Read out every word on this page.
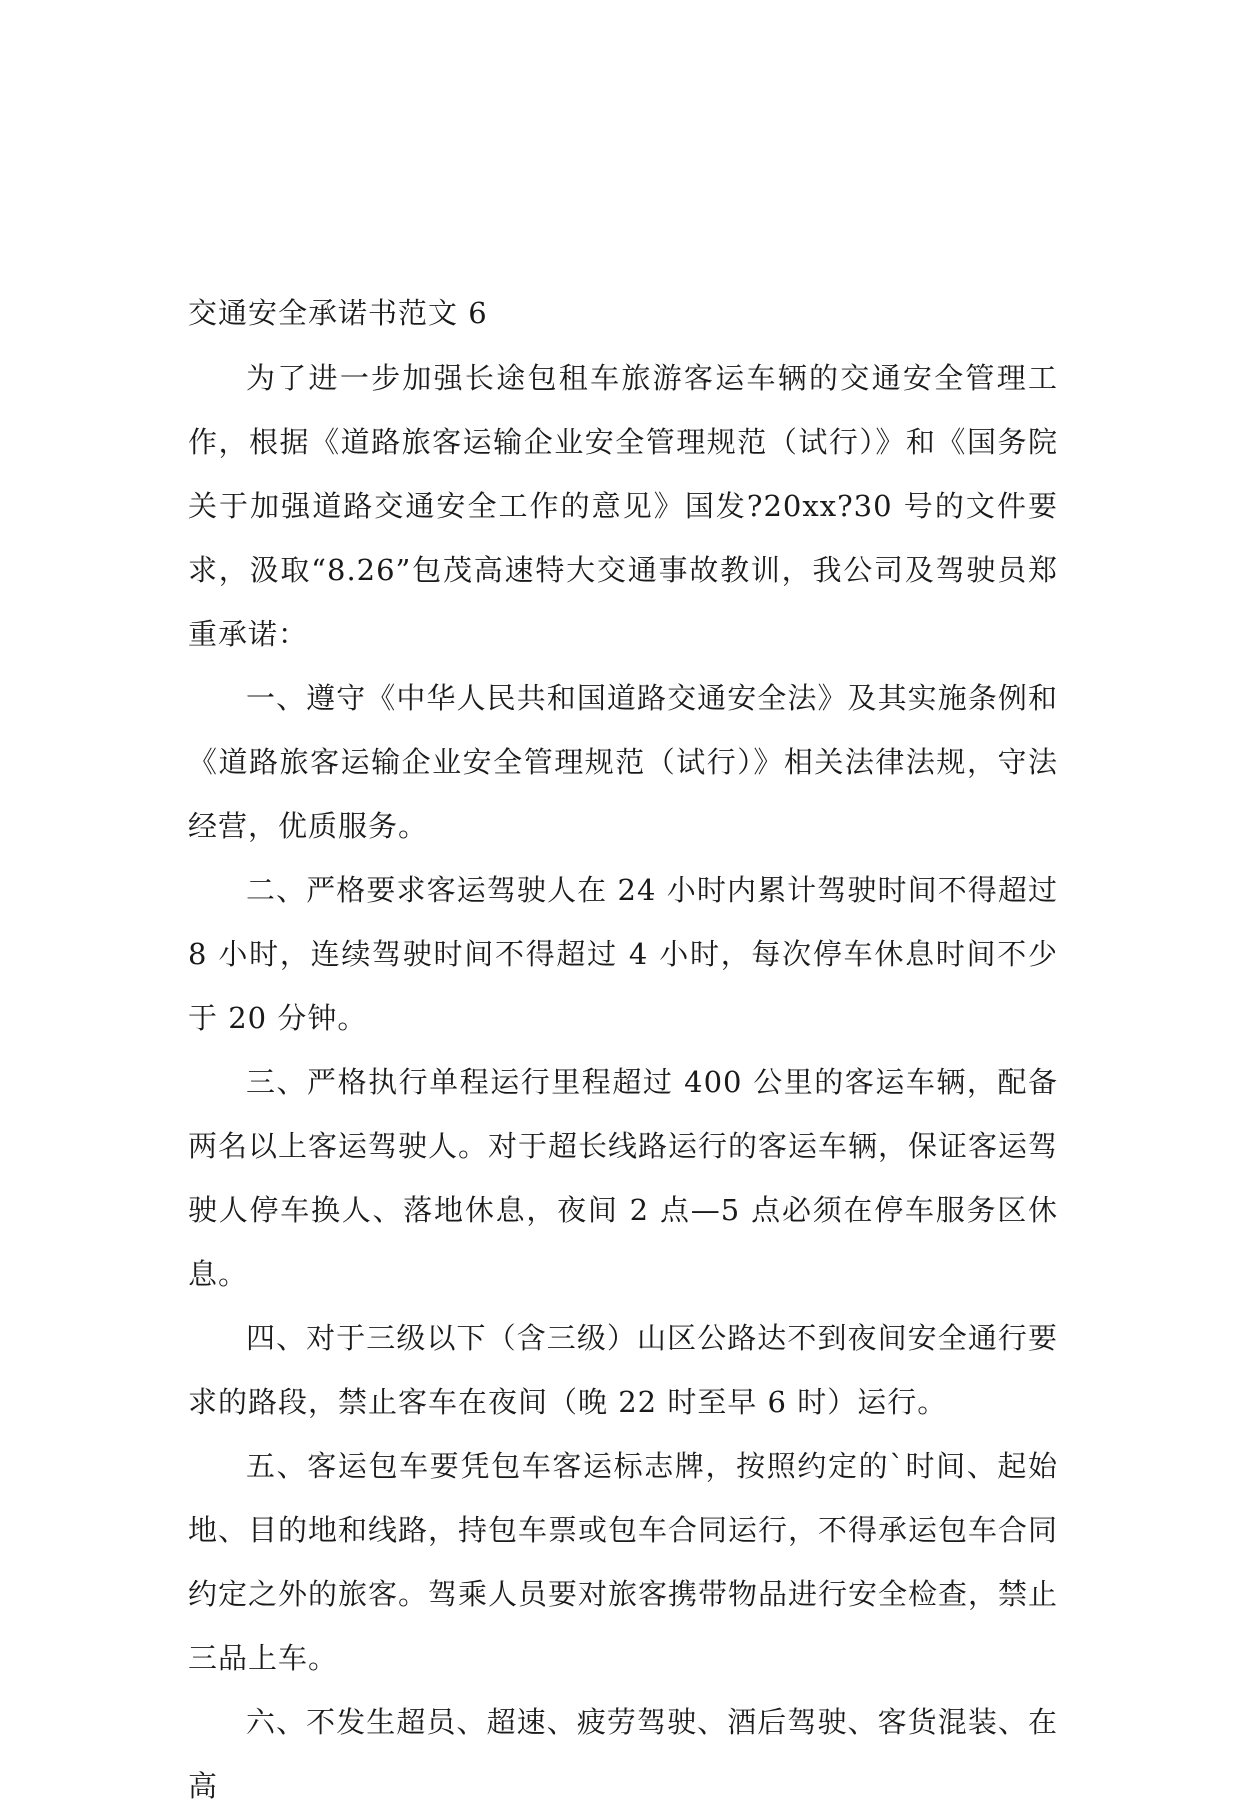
交通安全承诺书范文 6

为了进一步加强长途包租车旅游客运车辆的交通安全管理工作，根据《道路旅客运输企业安全管理规范（试行）》和《国务院关于加强道路交通安全工作的意见》国发?20xx?30 号的文件要求，汲取“8.26”包茂高速特大交通事故教训，我公司及驾驶员郑重承诺：

一、遵守《中华人民共和国道路交通安全法》及其实施条例和《道路旅客运输企业安全管理规范（试行）》相关法律法规，守法经营，优质服务。

二、严格要求客运驾驶人在 24 小时内累计驾驶时间不得超过 8 小时，连续驾驶时间不得超过 4 小时，每次停车休息时间不少于 20 分钟。

三、严格执行单程运行里程超过 400 公里的客运车辆，配备两名以上客运驾驶人。对于超长线路运行的客运车辆，保证客运驾驶人停车换人、落地休息，夜间 2 点—5 点必须在停车服务区休息。

四、对于三级以下（含三级）山区公路达不到夜间安全通行要求的路段，禁止客车在夜间（晚 22 时至早 6 时）运行。

五、客运包车要凭包车客运标志牌，按照约定的`时间、起始地、目的地和线路，持包车票或包车合同运行，不得承运包车合同约定之外的旅客。驾乘人员要对旅客携带物品进行安全检查，禁止三品上车。

六、不发生超员、超速、疲劳驾驶、酒后驾驶、客货混装、在高
